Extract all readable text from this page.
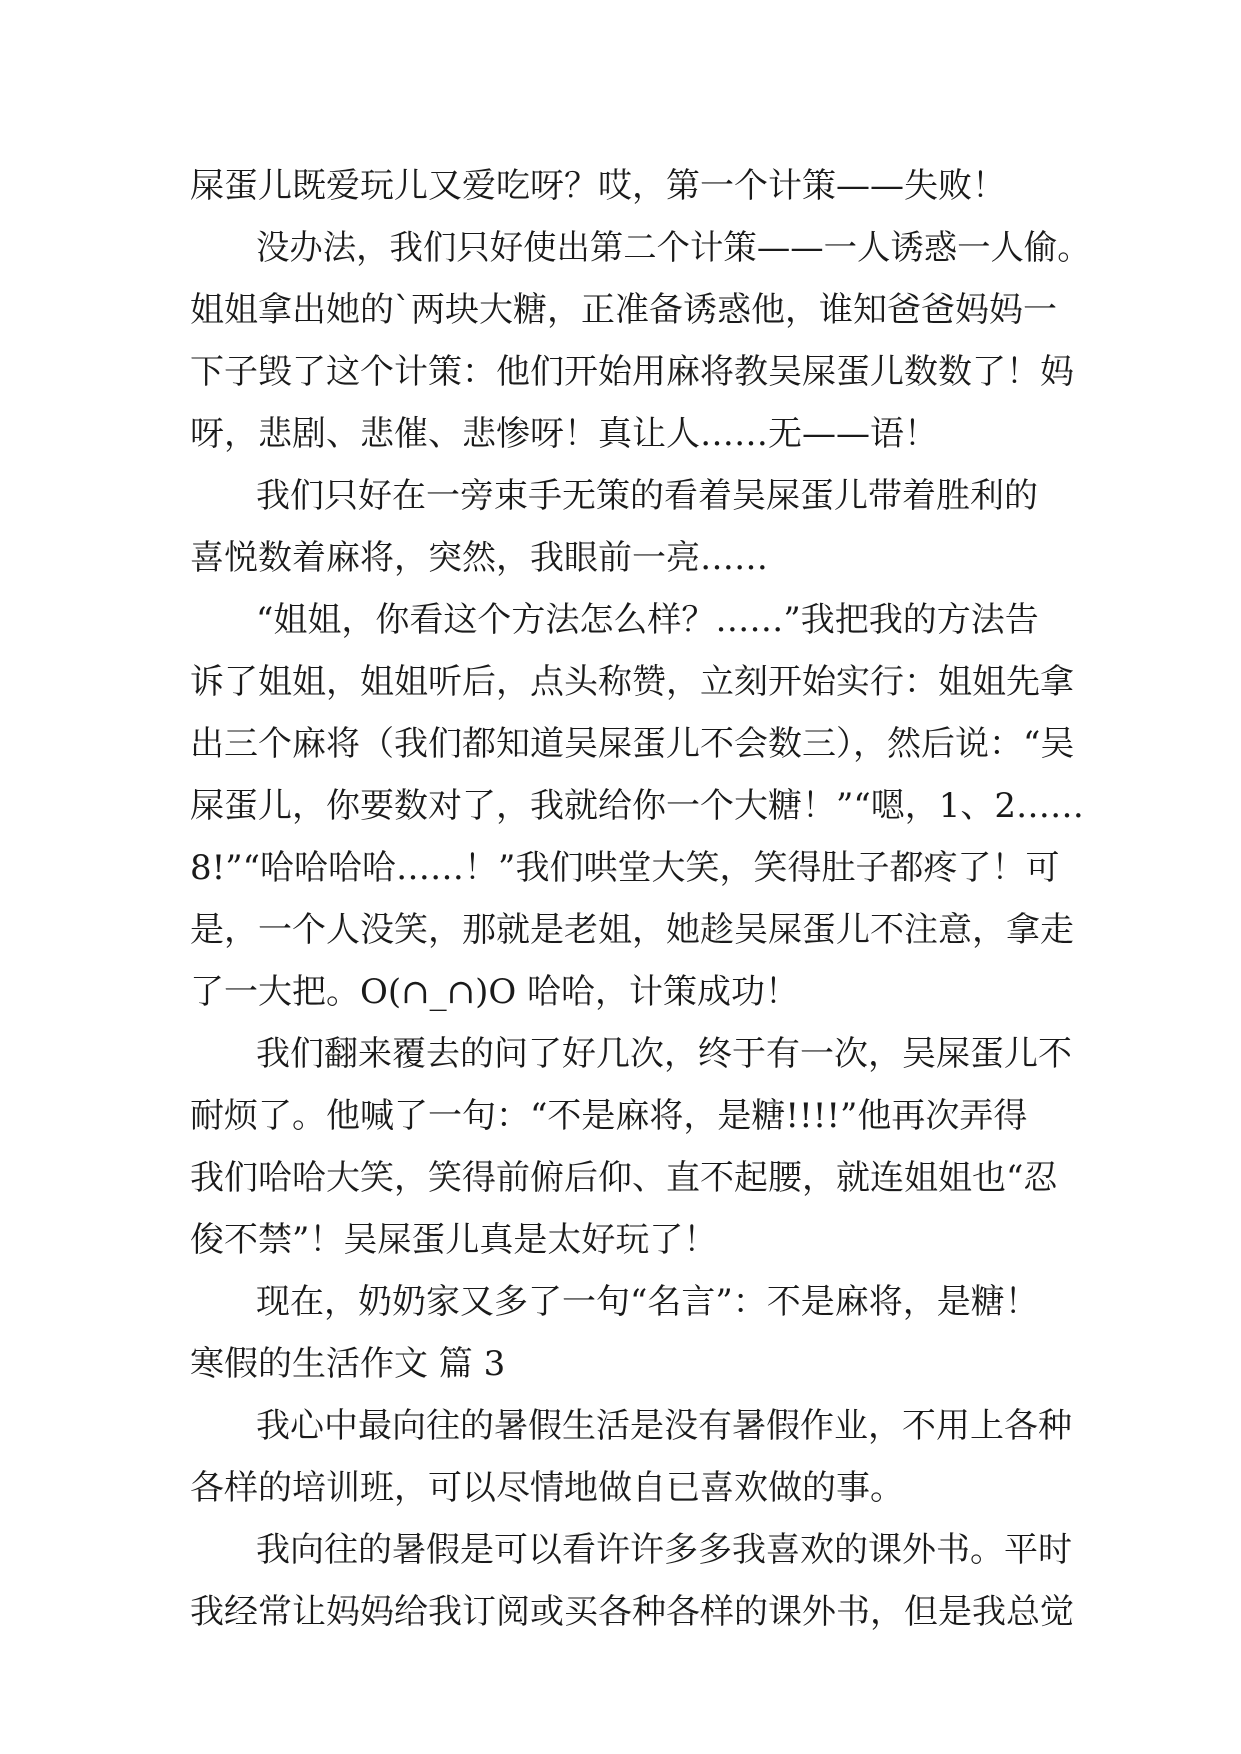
屎蛋儿既爱玩儿又爱吃呀？哎，第一个计策——失败！

没办法，我们只好使出第二个计策——一人诱惑一人偷。

姐姐拿出她的`两块大糖，正准备诱惑他，谁知爸爸妈妈一

下子毁了这个计策：他们开始用麻将教吴屎蛋儿数数了！妈

呀，悲剧、悲催、悲惨呀！真让人……无——语！

我们只好在一旁束手无策的看着吴屎蛋儿带着胜利的

喜悦数着麻将，突然，我眼前一亮……

“姐姐，你看这个方法怎么样？……”我把我的方法告

诉了姐姐，姐姐听后，点头称赞，立刻开始实行：姐姐先拿

出三个麻将（我们都知道吴屎蛋儿不会数三），然后说：“吴

屎蛋儿，你要数对了，我就给你一个大糖！”“嗯，1、2……

8!”“哈哈哈哈……！”我们哄堂大笑，笑得肚子都疼了！可

是，一个人没笑，那就是老姐，她趁吴屎蛋儿不注意，拿走

了一大把。O(∩_∩)O 哈哈，计策成功！

我们翻来覆去的问了好几次，终于有一次，吴屎蛋儿不

耐烦了。他喊了一句：“不是麻将，是糖!!!!”他再次弄得

我们哈哈大笑，笑得前俯后仰、直不起腰，就连姐姐也“忍

俊不禁”！吴屎蛋儿真是太好玩了！

现在，奶奶家又多了一句“名言”：不是麻将，是糖！

寒假的生活作文 篇 3

我心中最向往的暑假生活是没有暑假作业，不用上各种

各样的培训班，可以尽情地做自已喜欢做的事。

我向往的暑假是可以看许许多多我喜欢的课外书。平时

我经常让妈妈给我订阅或买各种各样的课外书，但是我总觉
